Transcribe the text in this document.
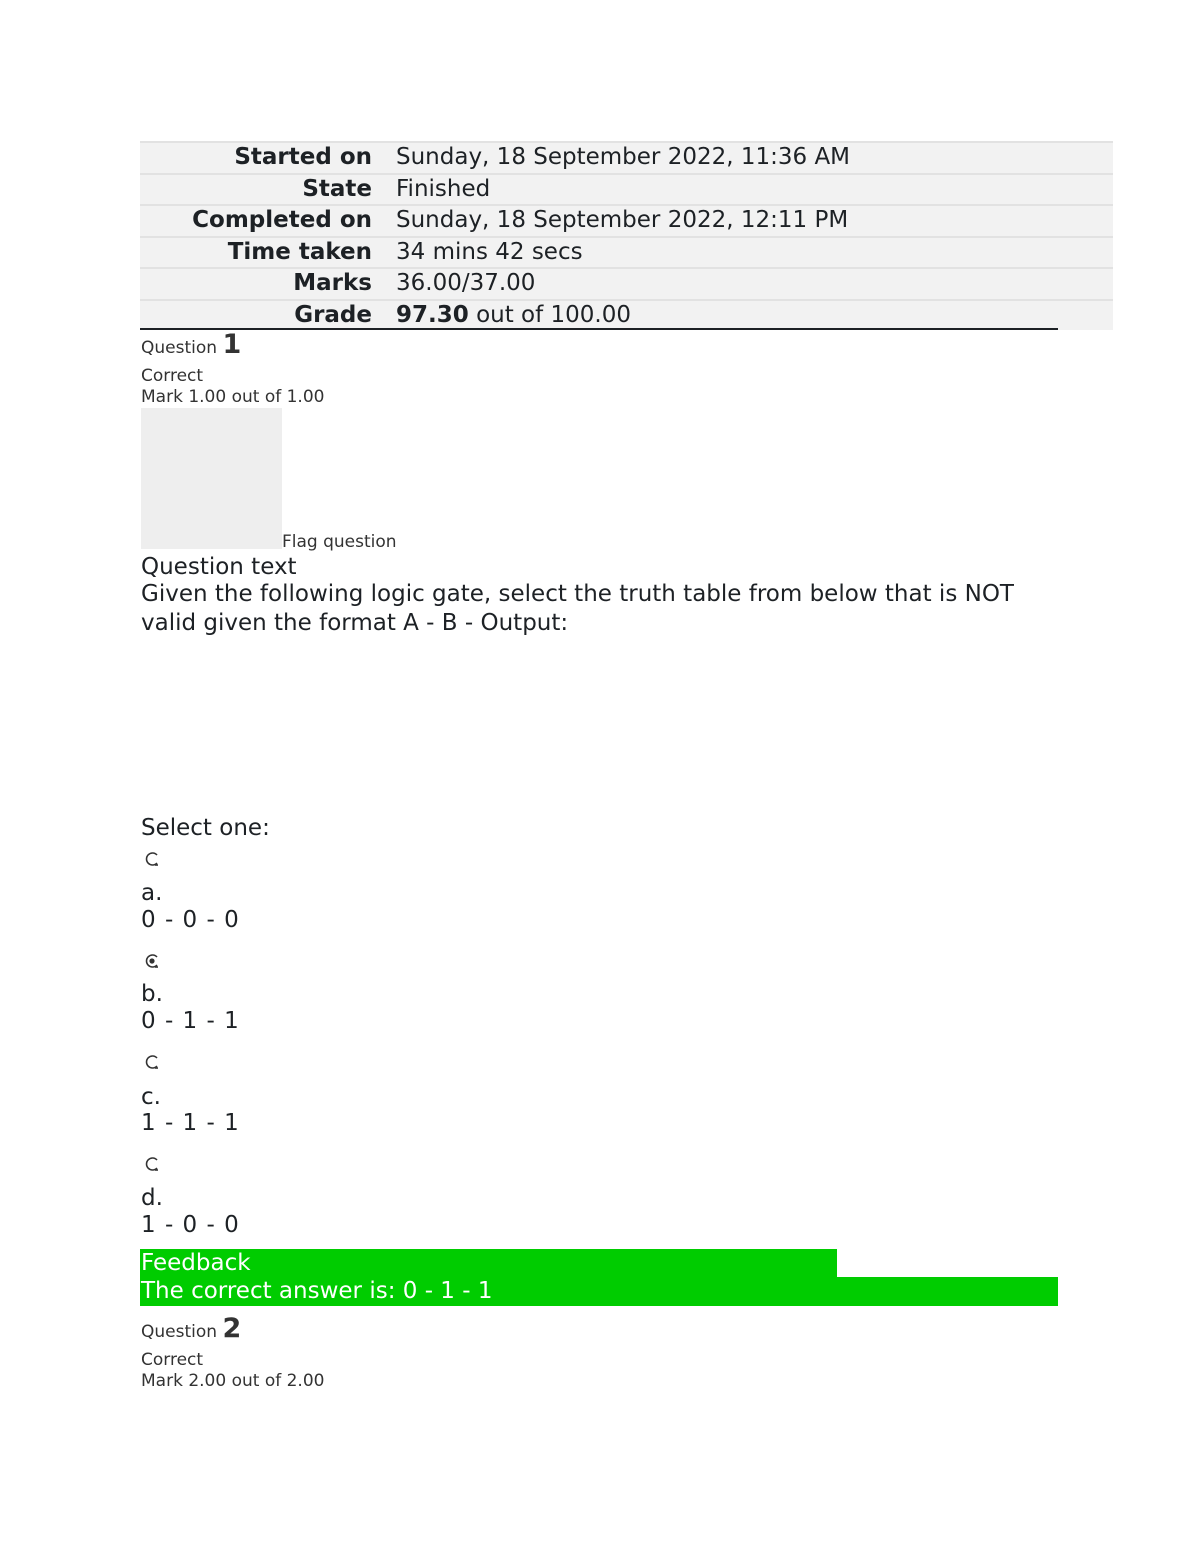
Started on	Sunday, 18 September 2022, 11:36 AM
State	Finished
Completed on	Sunday, 18 September 2022, 12:11 PM
Time taken	34 mins 42 secs
Marks	36.00/37.00
Grade	97.30 out of 100.00
Question 1
Correct
Mark 1.00 out of 1.00
Flag question
Question text
Given the following logic gate, select the truth table from below that is NOT valid given the format A - B - Output:
Select one:
a.
0 - 0 - 0
b.
0 - 1 - 1
c.
1 - 1 - 1
d.
1 - 0 - 0
Feedback
The correct answer is: 0 - 1 - 1
Question 2
Correct
Mark 2.00 out of 2.00
